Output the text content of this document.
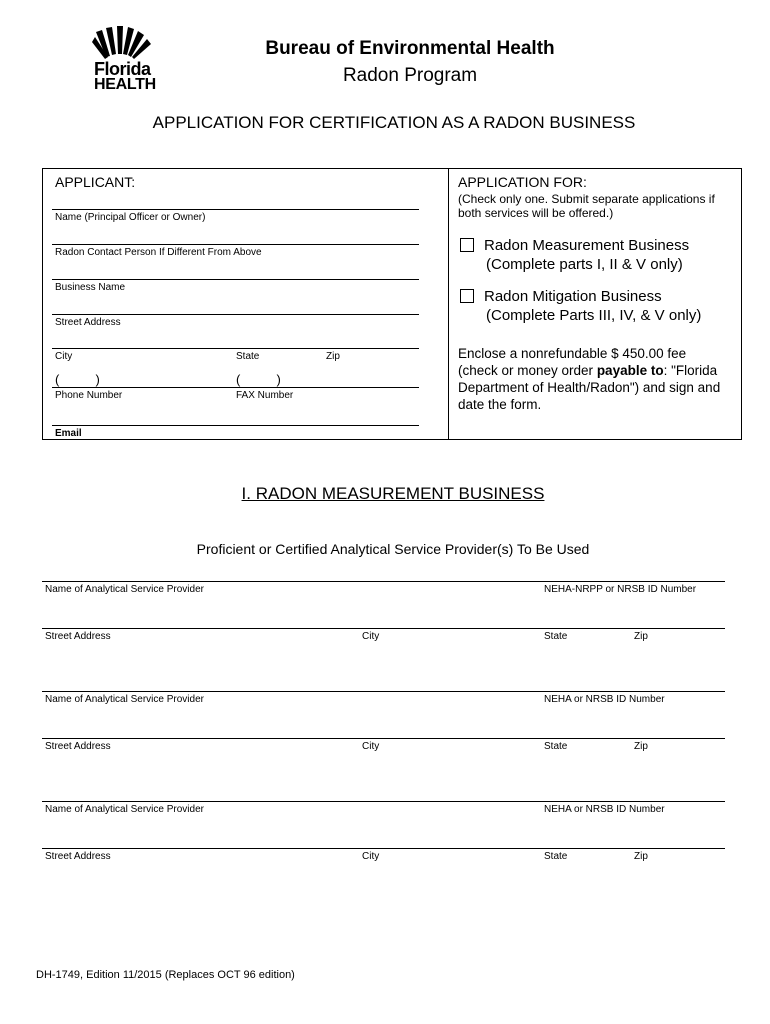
Florida
HEALTH
Bureau of Environmental Health
Radon Program
APPLICATION FOR CERTIFICATION AS A RADON BUSINESS
APPLICANT:
Name (Principal Officer or Owner)
Radon Contact Person If Different From Above
Business Name
Street Address
City	State	Zip
(          )	(          )
Phone Number	FAX Number
Email
APPLICATION FOR:
(Check only one. Submit separate applications if
both services will be offered.)
Radon Measurement Business
(Complete parts I, II & V only)
Radon Mitigation Business
(Complete Parts III, IV, & V only)
Enclose a nonrefundable $ 450.00 fee
(check or money order payable to: "Florida
Department of Health/Radon") and sign and
date the form.
I. RADON MEASUREMENT BUSINESS
Proficient or Certified Analytical Service Provider(s) To Be Used
Name of Analytical Service Provider	NEHA-NRPP or NRSB ID Number
Street Address	City	State	Zip
Name of Analytical Service Provider	NEHA or NRSB ID Number
Street Address	City	State	Zip
Name of Analytical Service Provider	NEHA or NRSB ID Number
Street Address	City	State	Zip
DH-1749, Edition 11/2015 (Replaces OCT 96 edition)
